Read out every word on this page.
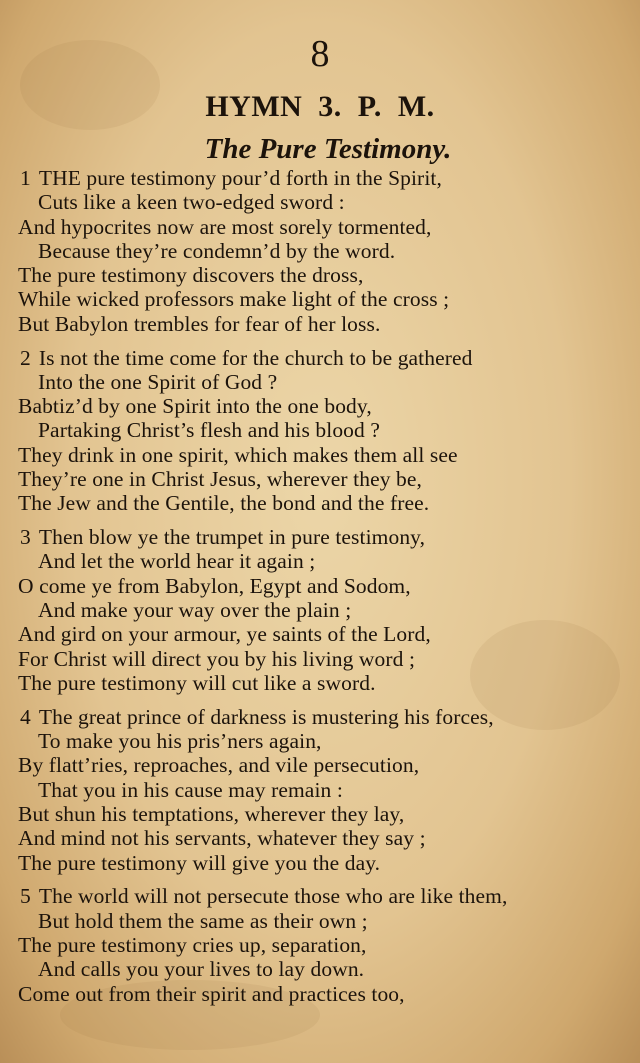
8
HYMN 3. P. M.
The Pure Testimony.
1 THE pure testimony pour’d forth in the Spirit,
Cuts like a keen two-edged sword :
And hypocrites now are most sorely tormented,
Because they’re condemn’d by the word.
The pure testimony discovers the dross,
While wicked professors make light of the cross ;
But Babylon trembles for fear of her loss.
2 Is not the time come for the church to be gathered
Into the one Spirit of God ?
Babtiz’d by one Spirit into the one body,
Partaking Christ’s flesh and his blood ?
They drink in one spirit, which makes them all see
They’re one in Christ Jesus, wherever they be,
The Jew and the Gentile, the bond and the free.
3 Then blow ye the trumpet in pure testimony,
And let the world hear it again ;
O come ye from Babylon, Egypt and Sodom,
And make your way over the plain ;
And gird on your armour, ye saints of the Lord,
For Christ will direct you by his living word ;
The pure testimony will cut like a sword.
4 The great prince of darkness is mustering his forces,
To make you his pris’ners again,
By flatt’ries, reproaches, and vile persecution,
That you in his cause may remain :
But shun his temptations, wherever they lay,
And mind not his servants, whatever they say ;
The pure testimony will give you the day.
5 The world will not persecute those who are like them,
But hold them the same as their own ;
The pure testimony cries up, separation,
And calls you your lives to lay down.
Come out from their spirit and practices too,
